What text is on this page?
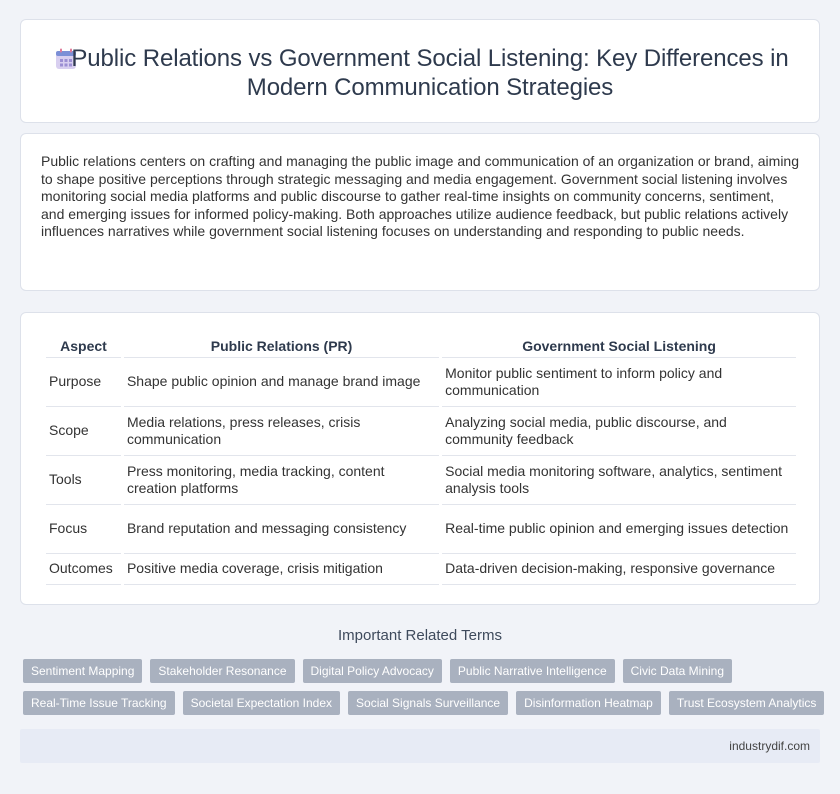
Public Relations vs Government Social Listening: Key Differences in Modern Communication Strategies

Public relations centers on crafting and managing the public image and communication of an organization or brand, aiming to shape positive perceptions through strategic messaging and media engagement. Government social listening involves monitoring social media platforms and public discourse to gather real-time insights on community concerns, sentiment, and emerging issues for informed policy-making. Both approaches utilize audience feedback, but public relations actively influences narratives while government social listening focuses on understanding and responding to public needs.

Aspect	Public Relations (PR)	Government Social Listening
Purpose	Shape public opinion and manage brand image	Monitor public sentiment to inform policy and communication
Scope	Media relations, press releases, crisis communication	Analyzing social media, public discourse, and community feedback
Tools	Press monitoring, media tracking, content creation platforms	Social media monitoring software, analytics, sentiment analysis tools
Focus	Brand reputation and messaging consistency	Real-time public opinion and emerging issues detection
Outcomes	Positive media coverage, crisis mitigation	Data-driven decision-making, responsive governance
Important Related Terms
Sentiment Mapping	Stakeholder Resonance	Digital Policy Advocacy	Public Narrative Intelligence	Civic Data Mining
Real-Time Issue Tracking	Societal Expectation Index	Social Signals Surveillance	Disinformation Heatmap	Trust Ecosystem Analytics
industrydif.com
